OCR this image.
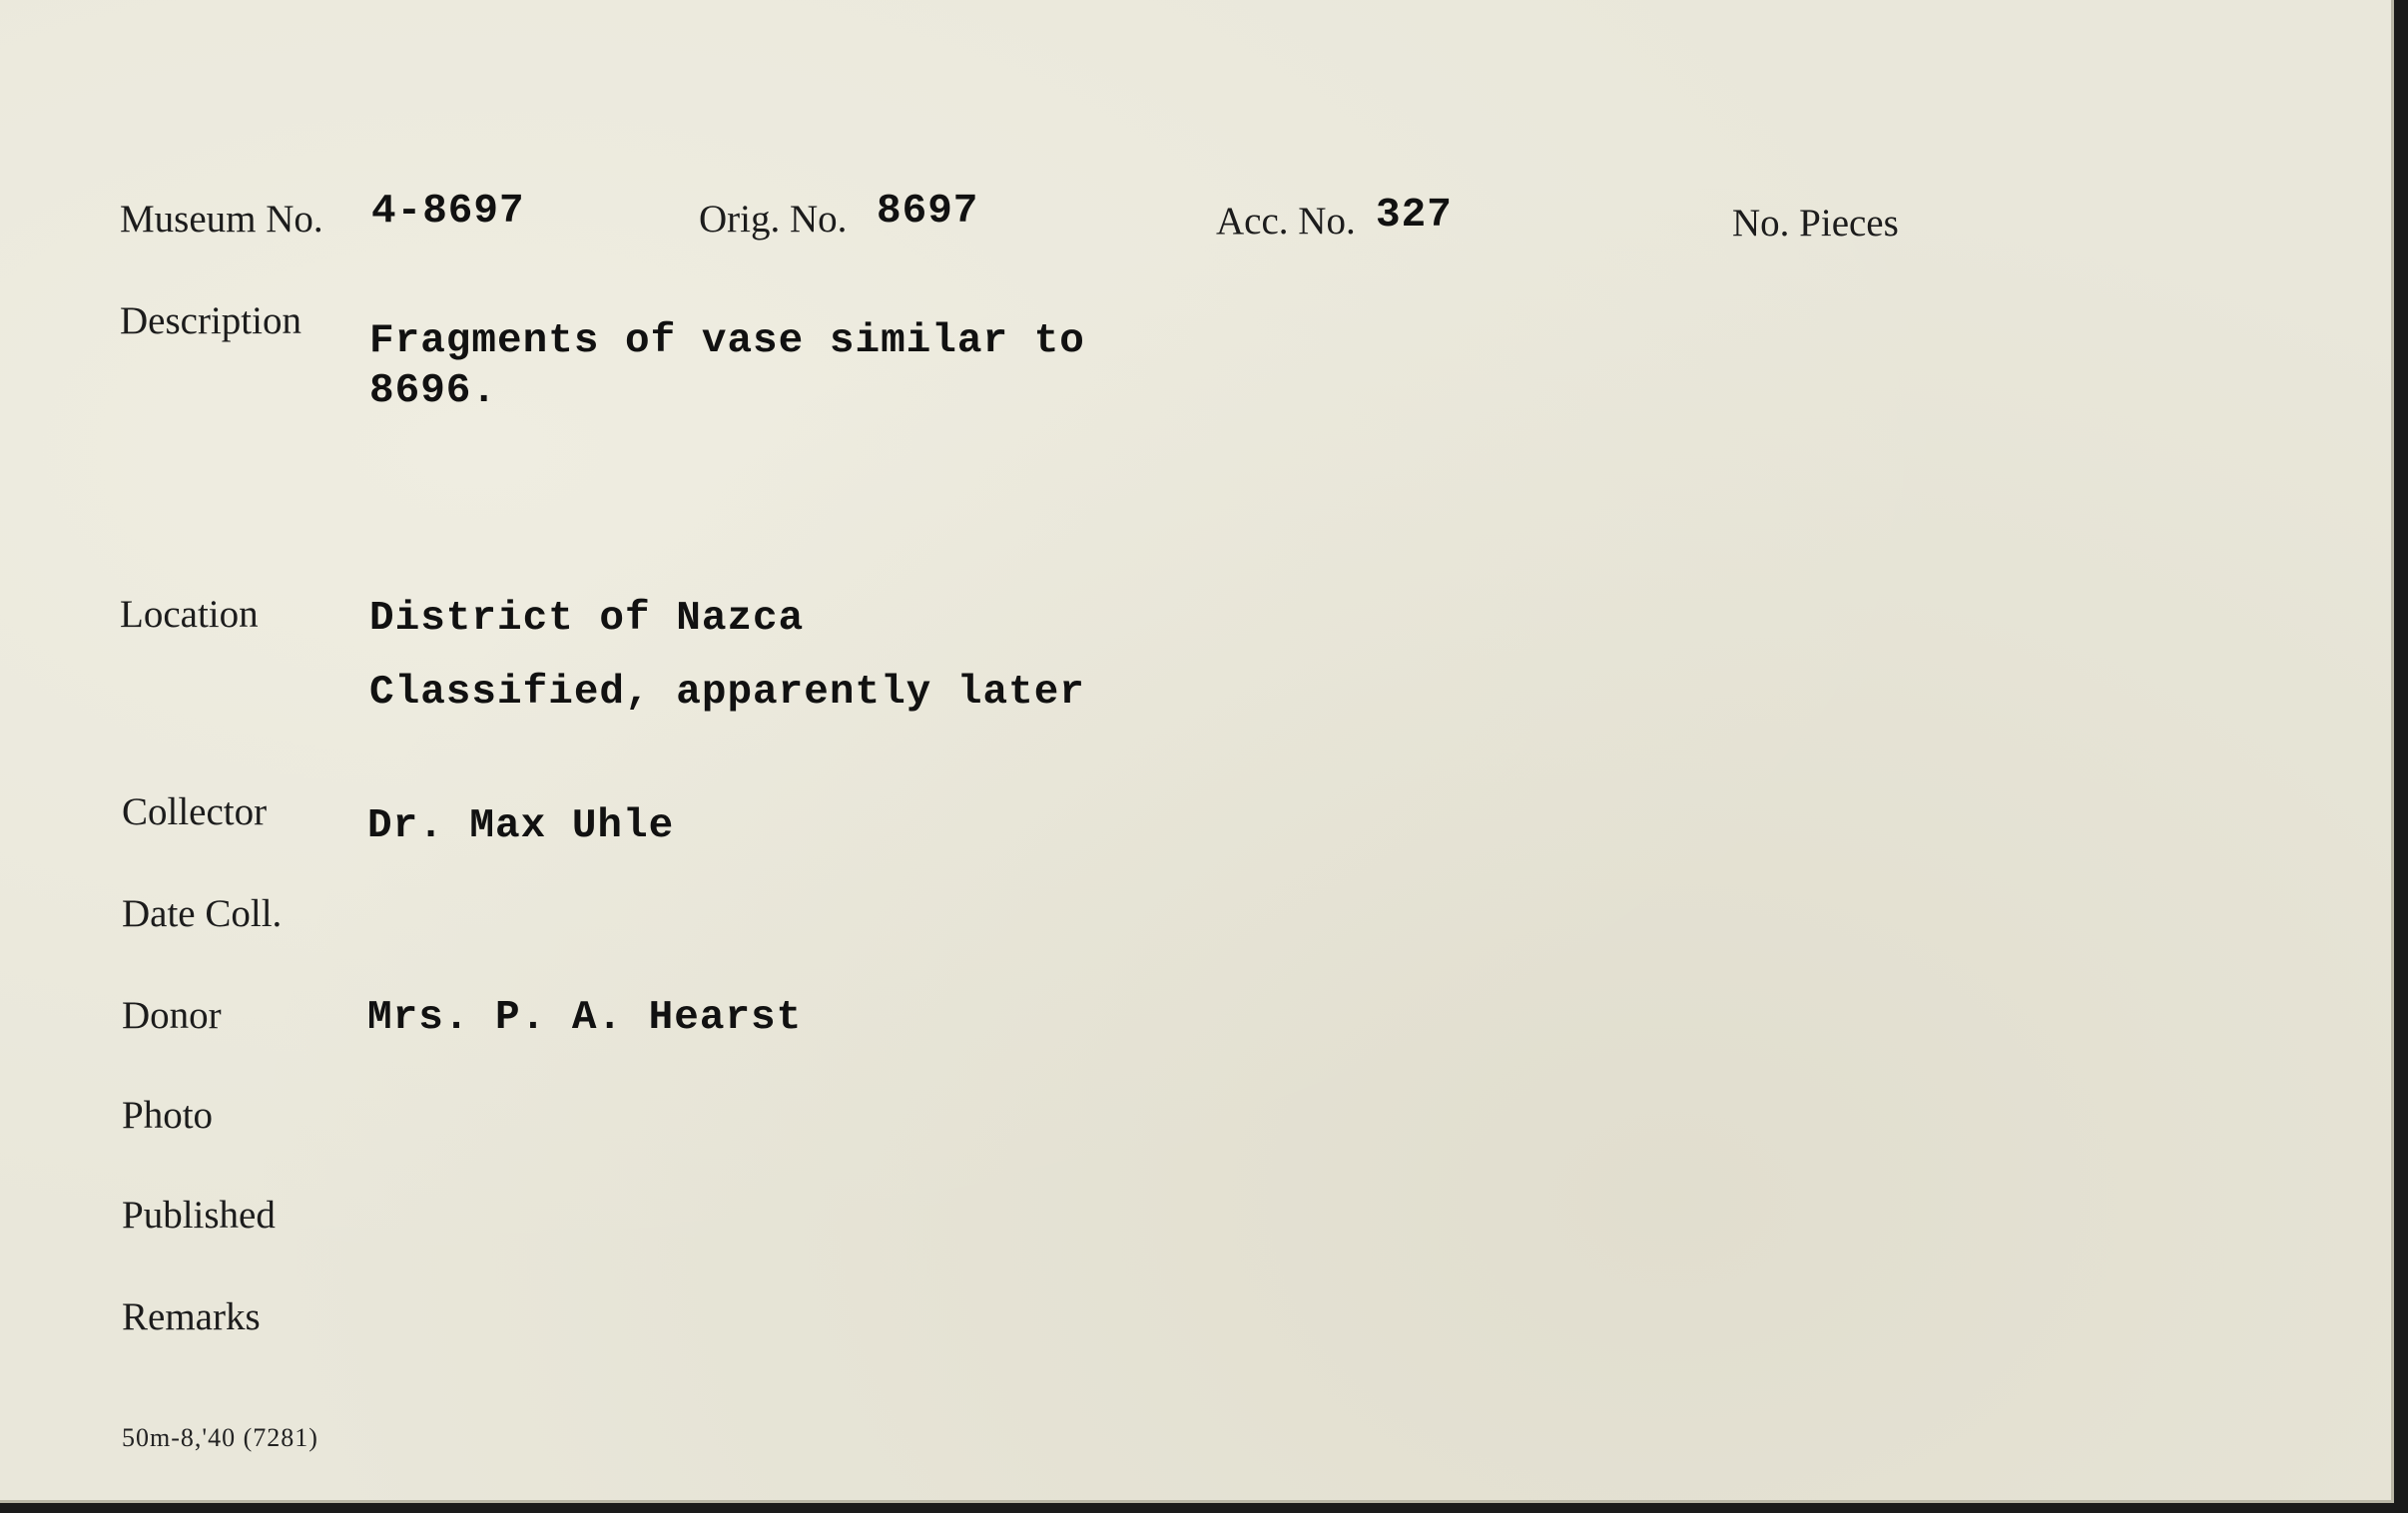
Museum No. 4-8697	Orig. No. 8697	Acc. No. 327	No. Pieces
Description Fragments of vase similar to
8696.
Location	District of Nazca
Classified, apparently later
Collector Dr. Max Uhle
Date Coll.
Donor	Mrs. P. A. Hearst
Photo
Published
Remarks
50m-8,'40 (7281)
